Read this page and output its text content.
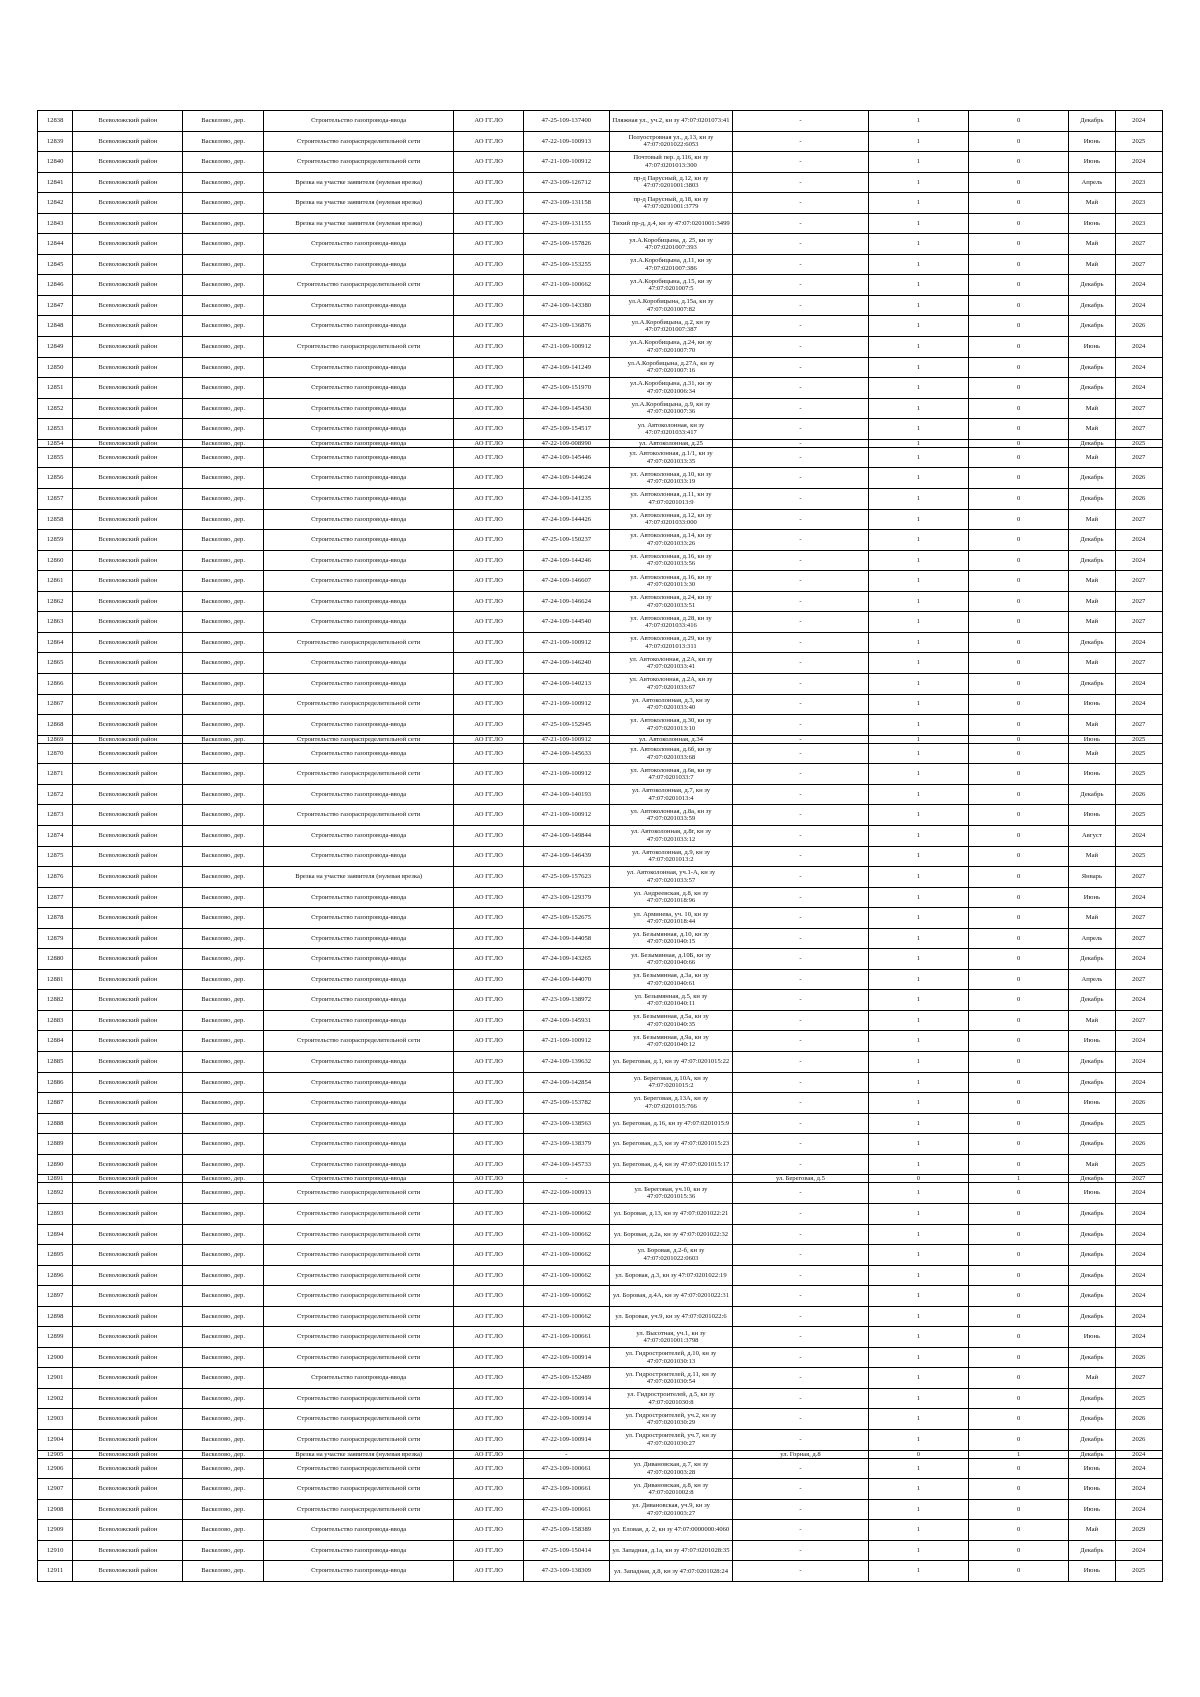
12838	Всеволожский район	Васкелово, дер.	Строительство газопровода-ввода	АО ГГ.ЛО	47-25-109-137400	Пляжная ул., уч.2, кн зу 47:07:0201073:41	-	1	0	Декабрь	2024
12839	Всеволожский район	Васкелово, дер.	Строительство газораспределительной сети	АО ГГ.ЛО	47-22-109-100913	Полуостровная ул., д.13, кн зу 47:07:0201022:6053	-	1	0	Июнь	2025
12840	Всеволожский район	Васкелово, дер.	Строительство газораспределительной сети	АО ГГ.ЛО	47-21-109-100912	Почтовый пер. д.116, кн зу 47:07:0201013:300	-	1	0	Июнь	2024
12841	Всеволожский район	Васкелово, дер.	Врезка на участке заявителя (нулевая врезка)	АО ГГ.ЛО	47-23-109-126712	пр-д Парусный, д.12, кн зу 47:07:0201001:3803	-	1	0	Апрель	2023
12842	Всеволожский район	Васкелово, дер.	Врезка на участке заявителя (нулевая врезка)	АО ГГ.ЛО	47-23-109-131158	пр-д Парусный, д.18, кн зу 47:07:0201001:3779	-	1	0	Май	2023
12843	Всеволожский район	Васкелово, дер.	Врезка на участке заявителя (нулевая врезка)	АО ГГ.ЛО	47-23-109-131155	Тихий пр-д, д.4, кн зу 47:07:0201001:3499	-	1	0	Июнь	2023
12844	Всеволожский район	Васкелово, дер.	Строительство газопровода-ввода	АО ГГ.ЛО	47-25-109-157826	ул.А.Коробицына, д. 25, кн зу 47:07:0201007:393	-	1	0	Май	2027
12845	Всеволожский район	Васкелово, дер.	Строительство газопровода-ввода	АО ГГ.ЛО	47-25-109-153255	ул.А.Коробицына, д.11, кн зу 47:07:0201007:386	-	1	0	Май	2027
12846	Всеволожский район	Васкелово, дер.	Строительство газораспределительной сети	АО ГГ.ЛО	47-21-109-100662	ул.А.Коробицына, д.15, кн зу 47:07:0201007:5	-	1	0	Декабрь	2024
12847	Всеволожский район	Васкелово, дер.	Строительство газопровода-ввода	АО ГГ.ЛО	47-24-109-143380	ул.А.Коробицына, д.15а, кн зу 47:07:0201007:82	-	1	0	Декабрь	2024
12848	Всеволожский район	Васкелово, дер.	Строительство газопровода-ввода	АО ГГ.ЛО	47-23-109-136876	ул.А.Коробицына, д.2, кн зу 47:07:0201007:387	-	1	0	Декабрь	2026
12849	Всеволожский район	Васкелово, дер.	Строительство газораспределительной сети	АО ГГ.ЛО	47-21-109-100912	ул.А.Коробицына, д.24, кн зу 47:07:0201007:70	-	1	0	Июнь	2024
12850	Всеволожский район	Васкелово, дер.	Строительство газопровода-ввода	АО ГГ.ЛО	47-24-109-141249	ул.А.Коробицына, д.27А, кн зу 47:07:0201007:16	-	1	0	Декабрь	2024
12851	Всеволожский район	Васкелово, дер.	Строительство газопровода-ввода	АО ГГ.ЛО	47-25-109-151970	ул.А.Коробицына, д.31, кн зу 47:07:0201006:34	-	1	0	Декабрь	2024
12852	Всеволожский район	Васкелово, дер.	Строительство газопровода-ввода	АО ГГ.ЛО	47-24-109-145430	ул.А.Коробицына, д.9, кн зу 47:07:0201007:36	-	1	0	Май	2027
12853	Всеволожский район	Васкелово, дер.	Строительство газопровода-ввода	АО ГГ.ЛО	47-25-109-154517	ул. Автоколонная, кн зу 47:07:0201033:417	-	1	0	Май	2027
12854	Всеволожский район	Васкелово, дер.	Строительство газопровода-ввода	АО ГГ.ЛО	47-22-109-008990	ул. Автоколонная, д.25	-	1	0	Декабрь	2025
12855	Всеволожский район	Васкелово, дер.	Строительство газопровода-ввода	АО ГГ.ЛО	47-24-109-145446	ул. Автоколонная, д.1/1, кн зу 47:07:0201033:35	-	1	0	Май	2027
12856	Всеволожский район	Васкелово, дер.	Строительство газопровода-ввода	АО ГГ.ЛО	47-24-109-144624	ул. Автоколонная, д.10, кн зу 47:07:0201033:19	-	1	0	Декабрь	2026
12857	Всеволожский район	Васкелово, дер.	Строительство газопровода-ввода	АО ГГ.ЛО	47-24-109-141235	ул. Автоколонная, д.11, кн зу 47:07:0201013:9	-	1	0	Декабрь	2026
12858	Всеволожский район	Васкелово, дер.	Строительство газопровода-ввода	АО ГГ.ЛО	47-24-109-144426	ул. Автоколонная, д.12, кн зу 47:07:0201033:000	-	1	0	Май	2027
12859	Всеволожский район	Васкелово, дер.	Строительство газопровода-ввода	АО ГГ.ЛО	47-25-109-150237	ул. Автоколонная, д.14, кн зу 47:07:0201033:26	-	1	0	Декабрь	2024
12860	Всеволожский район	Васкелово, дер.	Строительство газопровода-ввода	АО ГГ.ЛО	47-24-109-144246	ул. Автоколонная, д.16, кн зу 47:07:0201033:56	-	1	0	Декабрь	2024
12861	Всеволожский район	Васкелово, дер.	Строительство газопровода-ввода	АО ГГ.ЛО	47-24-109-146607	ул. Автоколонная, д.16, кн зу 47:07:0201013:30	-	1	0	Май	2027
12862	Всеволожский район	Васкелово, дер.	Строительство газопровода-ввода	АО ГГ.ЛО	47-24-109-146624	ул. Автоколонная, д.24, кн зу 47:07:0201033:51	-	1	0	Май	2027
12863	Всеволожский район	Васкелово, дер.	Строительство газопровода-ввода	АО ГГ.ЛО	47-24-109-144540	ул. Автоколонная, д.28, кн зу 47:07:0201033:416	-	1	0	Май	2027
12864	Всеволожский район	Васкелово, дер.	Строительство газораспределительной сети	АО ГГ.ЛО	47-21-109-100912	ул. Автоколонная, д.29, кн зу 47:07:0201013:311	-	1	0	Декабрь	2024
12865	Всеволожский район	Васкелово, дер.	Строительство газопровода-ввода	АО ГГ.ЛО	47-24-109-146240	ул. Автоколонная, д.2А, кн зу 47:07:0201033:41	-	1	0	Май	2027
12866	Всеволожский район	Васкелово, дер.	Строительство газопровода-ввода	АО ГГ.ЛО	47-24-109-140213	ул. Автоколонная, д.2А, кн зу 47:07:0201033:67	-	1	0	Декабрь	2024
12867	Всеволожский район	Васкелово, дер.	Строительство газораспределительной сети	АО ГГ.ЛО	47-21-109-100912	ул. Автоколонная, д.3, кн зу 47:07:0201033:40	-	1	0	Июнь	2024
12868	Всеволожский район	Васкелово, дер.	Строительство газопровода-ввода	АО ГГ.ЛО	47-25-109-152945	ул. Автоколонная, д.30, кн зу 47:07:0201013:10	-	1	0	Май	2027
12869	Всеволожский район	Васкелово, дер.	Строительство газораспределительной сети	АО ГГ.ЛО	47-21-109-100912	ул. Автоколонная, д.34	-	1	0	Июнь	2025
12870	Всеволожский район	Васкелово, дер.	Строительство газопровода-ввода	АО ГГ.ЛО	47-24-109-145633	ул. Автоколонная, д.6б, кн зу 47:07:0201033:68	-	1	0	Май	2025
12871	Всеволожский район	Васкелово, дер.	Строительство газораспределительной сети	АО ГГ.ЛО	47-21-109-100912	ул. Автоколонная, д.6в, кн зу 47:07:0201033:7	-	1	0	Июнь	2025
12872	Всеволожский район	Васкелово, дер.	Строительство газопровода-ввода	АО ГГ.ЛО	47-24-109-140193	ул. Автоколонная, д.7, кн зу 47:07:0201013:4	-	1	0	Декабрь	2026
12873	Всеволожский район	Васкелово, дер.	Строительство газораспределительной сети	АО ГГ.ЛО	47-21-109-100912	ул. Автоколонная, д.8а, кн зу 47:07:0201033:59	-	1	0	Июнь	2025
12874	Всеволожский район	Васкелово, дер.	Строительство газопровода-ввода	АО ГГ.ЛО	47-24-109-149844	ул. Автоколонная, д.8г, кн зу 47:07:0201033:12	-	1	0	Август	2024
12875	Всеволожский район	Васкелово, дер.	Строительство газопровода-ввода	АО ГГ.ЛО	47-24-109-146439	ул. Автоколонная, д.9, кн зу 47:07:0201013:2	-	1	0	Май	2025
12876	Всеволожский район	Васкелово, дер.	Врезка на участке заявителя (нулевая врезка)	АО ГГ.ЛО	47-25-109-157623	ул. Автоколонная, уч.1-А, кн зу 47:07:0201033:57	-	1	0	Январь	2027
12877	Всеволожский район	Васкелово, дер.	Строительство газопровода-ввода	АО ГГ.ЛО	47-23-109-129379	ул. Андреевская, д.8, кн зу 47:07:0201018:96	-	1	0	Июнь	2024
12878	Всеволожский район	Васкелово, дер.	Строительство газопровода-ввода	АО ГГ.ЛО	47-25-109-152675	ул. Арминева, уч. 10, кн зу 47:07:0201018:44	-	1	0	Май	2027
12879	Всеволожский район	Васкелово, дер.	Строительство газопровода-ввода	АО ГГ.ЛО	47-24-109-144058	ул. Безымянная, д.10, кн зу 47:07:0201040:15	-	1	0	Апрель	2027
12880	Всеволожский район	Васкелово, дер.	Строительство газопровода-ввода	АО ГГ.ЛО	47-24-109-143265	ул. Безымянная, д.10Б, кн зу 47:07:0201040:66	-	1	0	Декабрь	2024
12881	Всеволожский район	Васкелово, дер.	Строительство газопровода-ввода	АО ГГ.ЛО	47-24-109-144070	ул. Безымянная, д.3а, кн зу 47:07:0201040:61	-	1	0	Апрель	2027
12882	Всеволожский район	Васкелово, дер.	Строительство газопровода-ввода	АО ГГ.ЛО	47-23-109-138972	ул. Безымянная, д.5, кн зу 47:07:0201040:11	-	1	0	Декабрь	2024
12883	Всеволожский район	Васкелово, дер.	Строительство газопровода-ввода	АО ГГ.ЛО	47-24-109-145931	ул. Безымянная, д.5а, кн зу 47:07:0201040:35	-	1	0	Май	2027
12884	Всеволожский район	Васкелово, дер.	Строительство газораспределительной сети	АО ГГ.ЛО	47-21-109-100912	ул. Безымянная, д.9а, кн зу 47:07:0201040:12	-	1	0	Июнь	2024
12885	Всеволожский район	Васкелово, дер.	Строительство газопровода-ввода	АО ГГ.ЛО	47-24-109-139632	ул. Береговая, д.1, кн зу 47:07:0201015:22	-	1	0	Декабрь	2024
12886	Всеволожский район	Васкелово, дер.	Строительство газопровода-ввода	АО ГГ.ЛО	47-24-109-142854	ул. Береговая, д.10А, кн зу 47:07:0201015:2	-	1	0	Декабрь	2024
12887	Всеволожский район	Васкелово, дер.	Строительство газопровода-ввода	АО ГГ.ЛО	47-25-109-153782	ул. Береговая, д.13А, кн зу 47:07:0201015:766	-	1	0	Июнь	2026
12888	Всеволожский район	Васкелово, дер.	Строительство газопровода-ввода	АО ГГ.ЛО	47-23-109-138563	ул. Береговая, д.16, кн зу 47:07:0201015:9	-	1	0	Декабрь	2025
12889	Всеволожский район	Васкелово, дер.	Строительство газопровода-ввода	АО ГГ.ЛО	47-23-109-138379	ул. Береговая, д.3, кн зу 47:07:0201015:23	-	1	0	Декабрь	2026
12890	Всеволожский район	Васкелово, дер.	Строительство газопровода-ввода	АО ГГ.ЛО	47-24-109-145733	ул. Береговая, д.4, кн зу 47:07:0201015:17	-	1	0	Май	2025
12891	Всеволожский район	Васкелово, дер.	Строительство газопровода-ввода	АО ГГ.ЛО	-		ул. Береговая, д.5	0	1	Декабрь	2027
12892	Всеволожский район	Васкелово, дер.	Строительство газораспределительной сети	АО ГГ.ЛО	47-22-109-100913	ул. Береговая, уч.10, кн зу 47:07:0201015:36	-	1	0	Июнь	2024
12893	Всеволожский район	Васкелово, дер.	Строительство газораспределительной сети	АО ГГ.ЛО	47-21-109-100662	ул. Боровая, д.13, кн зу 47:07:0201022:21	-	1	0	Декабрь	2024
12894	Всеволожский район	Васкелово, дер.	Строительство газораспределительной сети	АО ГГ.ЛО	47-21-109-100662	ул. Боровая, д.2а, кн зу 47:07:0201022:32	-	1	0	Декабрь	2024
12895	Всеволожский район	Васкелово, дер.	Строительство газораспределительной сети	АО ГГ.ЛО	47-21-109-100662	ул. Боровая, д.2-б, кн зу 47:07:0201022:0603	-	1	0	Декабрь	2024
12896	Всеволожский район	Васкелово, дер.	Строительство газораспределительной сети	АО ГГ.ЛО	47-21-109-100662	ул. Боровая, д.3, кн зу 47:07:0201022:19	-	1	0	Декабрь	2024
12897	Всеволожский район	Васкелово, дер.	Строительство газораспределительной сети	АО ГГ.ЛО	47-21-109-100662	ул. Боровая, д.4А, кн зу 47:07:0201022:31	-	1	0	Декабрь	2024
12898	Всеволожский район	Васкелово, дер.	Строительство газораспределительной сети	АО ГГ.ЛО	47-21-109-100662	ул. Боровая, уч.9, кн зу 47:07:0201022:6	-	1	0	Декабрь	2024
12899	Всеволожский район	Васкелово, дер.	Строительство газораспределительной сети	АО ГГ.ЛО	47-21-109-100661	ул. Высотная, уч.1, кн зу 47:07:0201001:3798	-	1	0	Июнь	2024
12900	Всеволожский район	Васкелово, дер.	Строительство газораспределительной сети	АО ГГ.ЛО	47-22-109-100914	ул. Гидростроителей, д.10, кн зу 47:07:0201030:13	-	1	0	Декабрь	2026
12901	Всеволожский район	Васкелово, дер.	Строительство газопровода-ввода	АО ГГ.ЛО	47-25-109-152489	ул. Гидростроителей, д.11, кн зу 47:07:0201030:54	-	1	0	Май	2027
12902	Всеволожский район	Васкелово, дер.	Строительство газораспределительной сети	АО ГГ.ЛО	47-22-109-100914	ул. Гидростроителей, д.5, кн зу 47:07:0201030:8	-	1	0	Декабрь	2025
12903	Всеволожский район	Васкелово, дер.	Строительство газораспределительной сети	АО ГГ.ЛО	47-22-109-100914	ул. Гидростроителей, уч.2, кн зу 47:07:0201030:29	-	1	0	Декабрь	2026
12904	Всеволожский район	Васкелово, дер.	Строительство газораспределительной сети	АО ГГ.ЛО	47-22-109-100914	ул. Гидростроителей, уч.7, кн зу 47:07:0201030:27	-	1	0	Декабрь	2026
12905	Всеволожский район	Васкелово, дер.	Врезка на участке заявителя (нулевая врезка)	АО ГГ.ЛО	-		ул. Горная, д.8	0	1	Декабрь	2024
12906	Всеволожский район	Васкелово, дер.	Строительство газораспределительной сети	АО ГГ.ЛО	47-23-109-100661	ул. Дивановская, д.7, кн зу 47:07:0201003:28	-	1	0	Июнь	2024
12907	Всеволожский район	Васкелово, дер.	Строительство газораспределительной сети	АО ГГ.ЛО	47-23-109-100661	ул. Дивановская, д.8, кн зу 47:07:0201002:8	-	1	0	Июнь	2024
12908	Всеволожский район	Васкелово, дер.	Строительство газораспределительной сети	АО ГГ.ЛО	47-23-109-100661	ул. Дивановская, уч.9, кн зу 47:07:0201003:27	-	1	0	Июнь	2024
12909	Всеволожский район	Васкелово, дер.	Строительство газопровода-ввода	АО ГГ.ЛО	47-25-109-158389	ул. Еловая, д. 2, кн зу 47:07:0000000:4060	-	1	0	Май	2029
12910	Всеволожский район	Васкелово, дер.	Строительство газопровода-ввода	АО ГГ.ЛО	47-25-109-150414	ул. Западная, д.1а, кн зу 47:07:0201028:35	-	1	0	Декабрь	2024
12911	Всеволожский район	Васкелово, дер.	Строительство газопровода-ввода	АО ГГ.ЛО	47-23-109-138309	ул. Западная, д.8, кн зу 47:07:0201028:24	-	1	0	Июнь	2025
